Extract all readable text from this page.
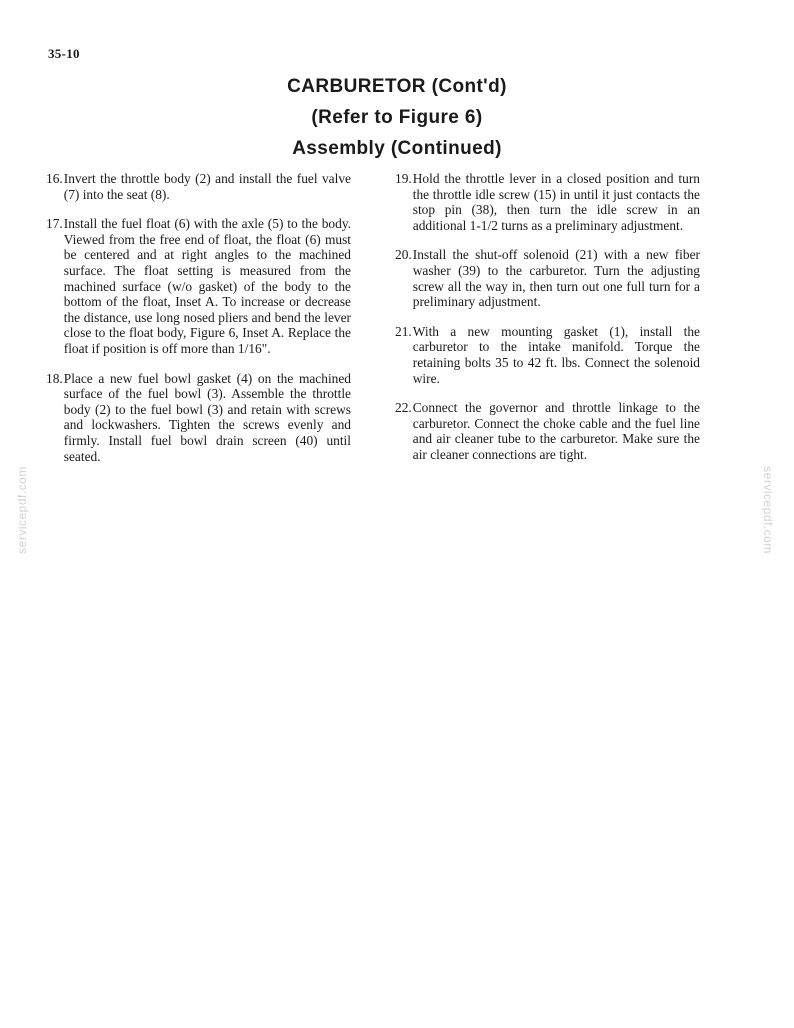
35-10
CARBURETOR (Cont'd)
(Refer to Figure 6)
Assembly (Continued)
16. Invert the throttle body (2) and install the fuel valve (7) into the seat (8).
17. Install the fuel float (6) with the axle (5) to the body. Viewed from the free end of float, the float (6) must be centered and at right angles to the machined surface. The float setting is measured from the machined surface (w/o gasket) of the body to the bottom of the float, Inset A. To increase or decrease the distance, use long nosed pliers and bend the lever close to the float body, Figure 6, Inset A. Replace the float if position is off more than 1/16".
18. Place a new fuel bowl gasket (4) on the machined surface of the fuel bowl (3). Assemble the throttle body (2) to the fuel bowl (3) and retain with screws and lockwashers. Tighten the screws evenly and firmly. Install fuel bowl drain screen (40) until seated.
19. Hold the throttle lever in a closed position and turn the throttle idle screw (15) in until it just contacts the stop pin (38), then turn the idle screw in an additional 1-1/2 turns as a preliminary adjustment.
20. Install the shut-off solenoid (21) with a new fiber washer (39) to the carburetor. Turn the adjusting screw all the way in, then turn out one full turn for a preliminary adjustment.
21. With a new mounting gasket (1), install the carburetor to the intake manifold. Torque the retaining bolts 35 to 42 ft. lbs. Connect the solenoid wire.
22. Connect the governor and throttle linkage to the carburetor. Connect the choke cable and the fuel line and air cleaner tube to the carburetor. Make sure the air cleaner connections are tight.
servicepdf.com	servicepdf.com
